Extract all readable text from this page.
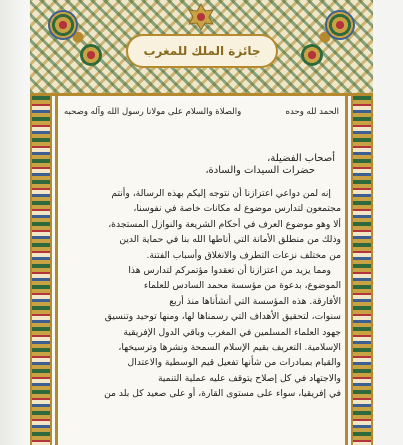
جائزة الملك للمغرب
الحمد لله وحده
والصلاة والسلام على مولانا رسول الله وآله وصحبه
أصحاب الفضيلة،
حضرات السيدات والسادة،
إنه لمن دواعي اعتزازنا أن نتوجه إليكم بهذه الرسالة، وأنتم
مجتمعون لتدارس موضوع له مكانات خاصة في نفوسنا،
ألا وهو موضوع العرف في أحكام الشريعة والنوازل المستجدة،
وذلك من منطلق الأمانة التي أناطها الله بنا في حماية الدين
من مختلف نزعات التطرف والانغلاق وأسباب الفتنة.
ومما يزيد من اعتزازنا أن تعقدوا مؤتمركم لتدارس هذا
الموضوع، بدعوة من مؤسسة محمد السادس للعلماء
الأفارقة. هذه المؤسسة التي أنشأناها منذ أربع
سنوات، لتحقيق الأهداف التي رسمناها لها، ومنها توحيد وتنسيق
جهود العلماء المسلمين في المغرب وباقي الدول الإفريقية
الإسلامية. التعريف بقيم الإسلام السمحة ونشرها وترسيخها،
والقيام بمبادرات من شأنها تفعيل قيم الوسطية والاعتدال
والاجتهاد في كل إصلاح يتوقف عليه عملية التنمية
في إفريقيا، سواء على مستوى القارة، أو على صعيد كل بلد من
